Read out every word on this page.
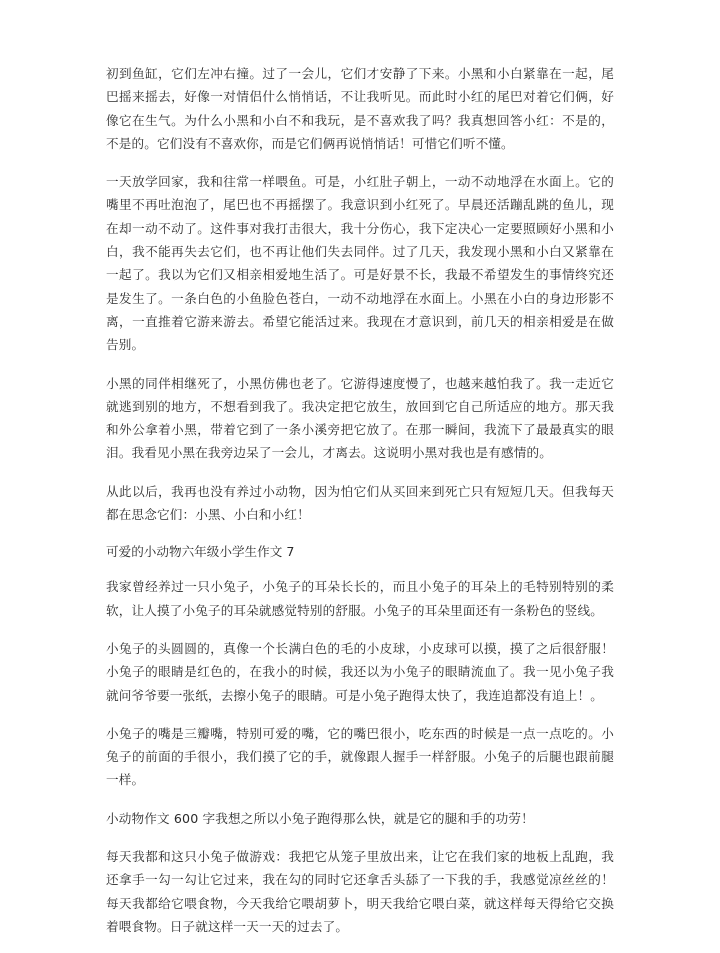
初到鱼缸，它们左冲右撞。过了一会儿，它们才安静了下来。小黑和小白紧靠在一起，尾巴摇来摇去，好像一对情侣什么悄悄话，不让我听见。而此时小红的尾巴对着它们俩，好像它在生气。为什么小黑和小白不和我玩，是不喜欢我了吗？我真想回答小红：不是的，不是的。它们没有不喜欢你，而是它们俩再说悄悄话！可惜它们听不懂。

一天放学回家，我和往常一样喂鱼。可是，小红肚子朝上，一动不动地浮在水面上。它的嘴里不再吐泡泡了，尾巴也不再摇摆了。我意识到小红死了。早晨还活蹦乱跳的鱼儿，现在却一动不动了。这件事对我打击很大，我十分伤心，我下定决心一定要照顾好小黑和小白，我不能再失去它们，也不再让他们失去同伴。过了几天，我发现小黑和小白又紧靠在一起了。我以为它们又相亲相爱地生活了。可是好景不长，我最不希望发生的事情终究还是发生了。一条白色的小鱼脸色苍白，一动不动地浮在水面上。小黑在小白的身边形影不离，一直推着它游来游去。希望它能活过来。我现在才意识到，前几天的相亲相爱是在做告别。

小黑的同伴相继死了，小黑仿佛也老了。它游得速度慢了，也越来越怕我了。我一走近它就逃到别的地方，不想看到我了。我决定把它放生，放回到它自己所适应的地方。那天我和外公拿着小黑，带着它到了一条小溪旁把它放了。在那一瞬间，我流下了最最真实的眼泪。我看见小黑在我旁边呆了一会儿，才离去。这说明小黑对我也是有感情的。

从此以后，我再也没有养过小动物，因为怕它们从买回来到死亡只有短短几天。但我每天都在思念它们：小黑、小白和小红！

可爱的小动物六年级小学生作文 7

我家曾经养过一只小兔子，小兔子的耳朵长长的，而且小兔子的耳朵上的毛特别特别的柔软，让人摸了小兔子的耳朵就感觉特别的舒服。小兔子的耳朵里面还有一条粉色的竖线。

小兔子的头圆圆的，真像一个长满白色的毛的小皮球，小皮球可以摸，摸了之后很舒服！小兔子的眼睛是红色的，在我小的时候，我还以为小兔子的眼睛流血了。我一见小兔子我就问爷爷要一张纸，去擦小兔子的眼睛。可是小兔子跑得太快了，我连追都没有追上！。

小兔子的嘴是三瓣嘴，特别可爱的嘴，它的嘴巴很小，吃东西的时候是一点一点吃的。小兔子的前面的手很小，我们摸了它的手，就像跟人握手一样舒服。小兔子的后腿也跟前腿一样。

小动物作文 600 字我想之所以小兔子跑得那么快，就是它的腿和手的功劳！

每天我都和这只小兔子做游戏：我把它从笼子里放出来，让它在我们家的地板上乱跑，我还拿手一勾一勾让它过来，我在勾的同时它还拿舌头舔了一下我的手，我感觉凉丝丝的！每天我都给它喂食物，今天我给它喂胡萝卜，明天我给它喂白菜，就这样每天得给它交换着喂食物。日子就这样一天一天的过去了。
